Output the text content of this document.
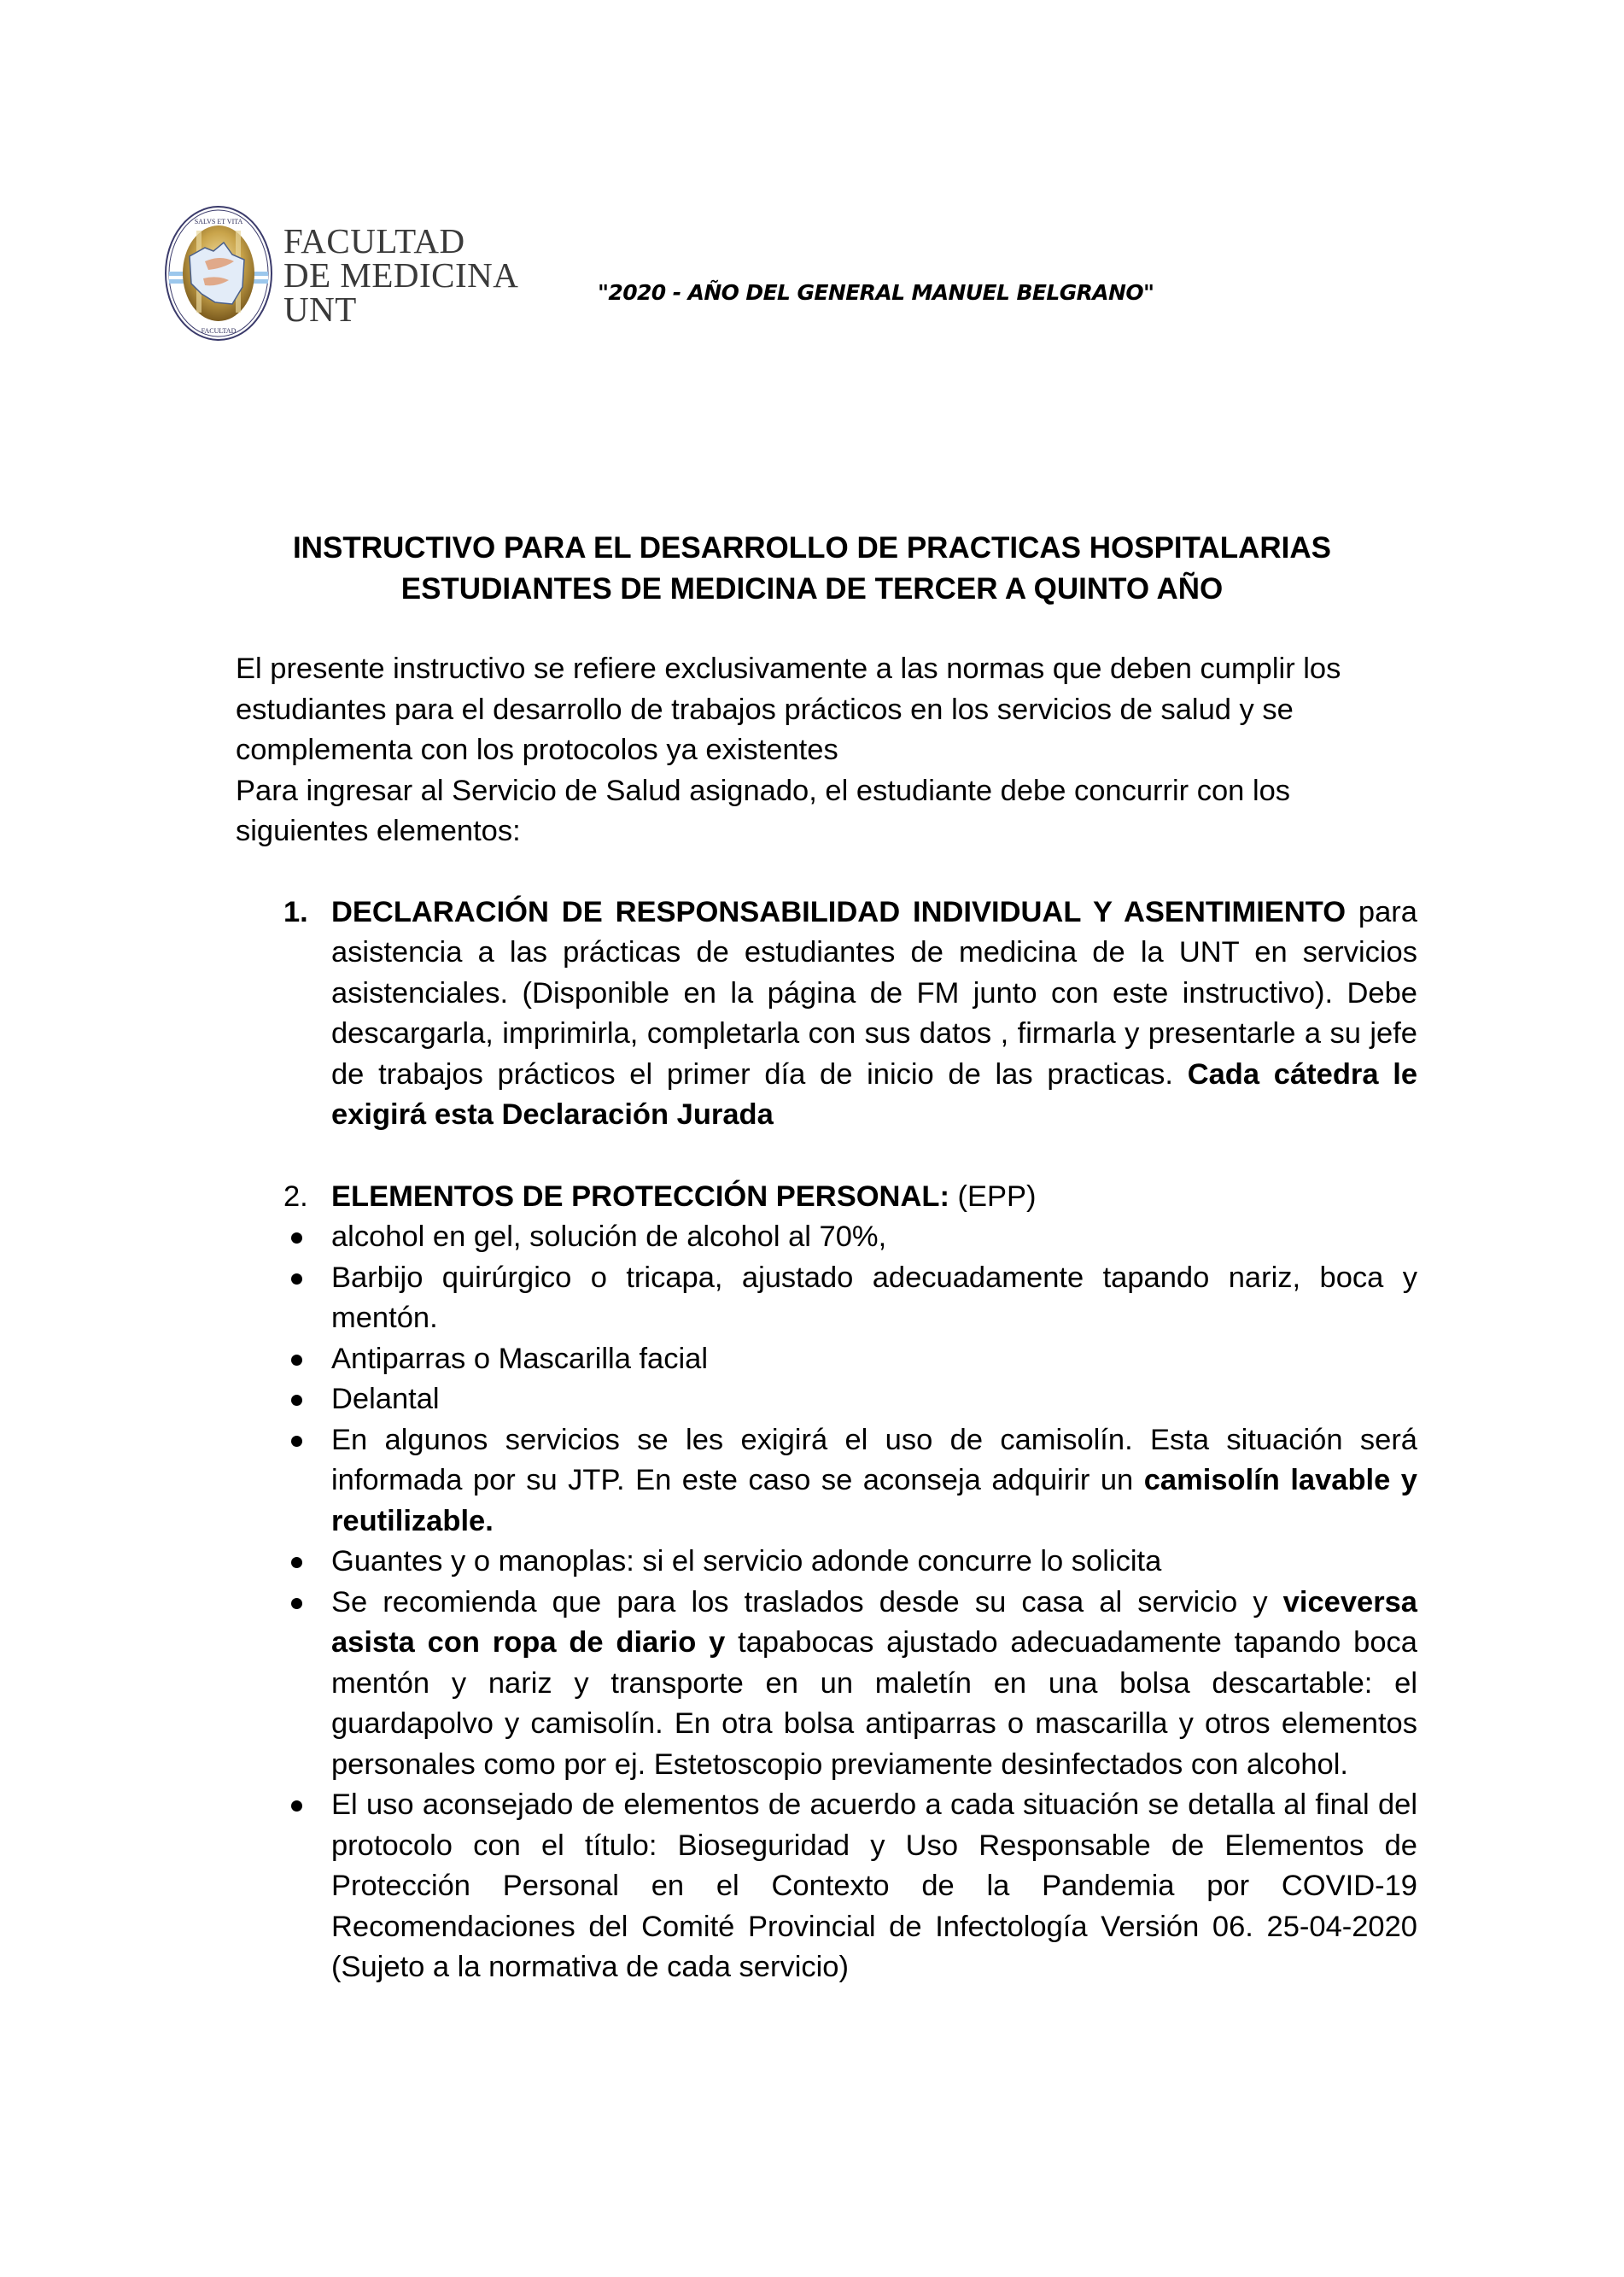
SALVS ET VITA
FACULTAD
FACULTAD
DE MEDICINA
UNT	"2020 - AÑO DEL GENERAL MANUEL BELGRANO"
INSTRUCTIVO PARA EL DESARROLLO DE PRACTICAS HOSPITALARIAS
ESTUDIANTES DE MEDICINA DE TERCER A QUINTO AÑO

El presente instructivo se refiere exclusivamente a las normas que deben cumplir los estudiantes para el desarrollo de trabajos prácticos en los servicios de salud y se complementa con los protocolos ya existentes

Para ingresar al Servicio de Salud asignado, el estudiante debe concurrir con los siguientes elementos:

1. DECLARACIÓN DE RESPONSABILIDAD INDIVIDUAL Y ASENTIMIENTO para asistencia a las prácticas de estudiantes de medicina de la UNT en servicios asistenciales. (Disponible en la página de FM junto con este instructivo). Debe descargarla, imprimirla, completarla con sus datos , firmarla y presentarle a su jefe de trabajos prácticos el primer día de inicio de las practicas. Cada cátedra le exigirá esta Declaración Jurada
2. ELEMENTOS DE PROTECCIÓN PERSONAL: (EPP)
alcohol en gel, solución de alcohol al 70%,
Barbijo quirúrgico o tricapa, ajustado adecuadamente tapando nariz, boca y mentón.
Antiparras o Mascarilla facial
Delantal
En algunos servicios se les exigirá el uso de camisolín. Esta situación será informada por su JTP. En este caso se aconseja adquirir un camisolín lavable y reutilizable.
Guantes y o manoplas: si el servicio adonde concurre lo solicita
Se recomienda que para los traslados desde su casa al servicio y viceversa asista con ropa de diario y tapabocas ajustado adecuadamente tapando boca mentón y nariz y transporte en un maletín en una bolsa descartable: el guardapolvo y camisolín. En otra bolsa antiparras o mascarilla y otros elementos personales como por ej. Estetoscopio previamente desinfectados con alcohol.
El uso aconsejado de elementos de acuerdo a cada situación se detalla al final del protocolo con el título: Bioseguridad y Uso Responsable de Elementos de Protección Personal en el Contexto de la Pandemia por COVID-19 Recomendaciones del Comité Provincial de Infectología Versión 06. 25-04-2020 (Sujeto a la normativa de cada servicio)
